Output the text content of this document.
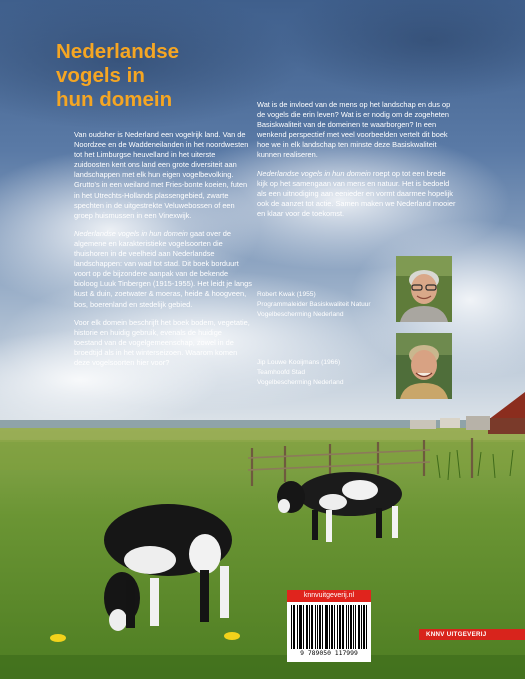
Nederlandse
vogels in
hun domein

Van oudsher is Nederland een vogelrijk land. Van de Noordzee en de Waddeneilanden in het noordwesten tot het Limburgse heuvelland in het uiterste zuidoosten kent ons land een grote diversiteit aan landschappen met elk hun eigen vogelbevolking. Grutto's in een weiland met Fries-bonte koeien, futen in het Utrechts-Hollands plassengebied, zwarte spechten in de uitgestrekte Veluwebossen of een groep huismussen in een Vinexwijk.

Nederlandse vogels in hun domein gaat over de algemene en karakteristieke vogelsoorten die thuishoren in de veelheid aan Nederlandse landschappen: van wad tot stad. Dit boek borduurt voort op de bijzondere aanpak van de bekende bioloog Luuk Tinbergen (1915-1955). Het leidt je langs kust & duin, zoetwater & moeras, heide & hoogveen, bos, boerenland en stedelijk gebied.

Voor elk domein beschrijft het boek bodem, vegetatie, historie en huidig gebruik, evenals de huidige toestand van de vogelgemeenschap, zowel in de broedtijd als in het winterseizoen. Waarom komen deze vogelsoorten hier voor?

Wat is de invloed van de mens op het landschap en dus op de vogels die erin leven? Wat is er nodig om de zogeheten Basiskwaliteit van de domeinen te waarborgen? In een wenkend perspectief met veel voorbeelden vertelt dit boek hoe we in elk landschap ten minste deze Basiskwaliteit kunnen realiseren.

Nederlandse vogels in hun domein roept op tot een brede kijk op het samengaan van mens en natuur. Het is bedoeld als een uitnodiging aan eenieder en vormt daarmee hopelijk ook de aanzet tot actie. Samen maken we Nederland mooier en klaar voor de toekomst.

Robert Kwak (1955)
Programmaleider Basiskwaliteit Natuur
Vogelbescherming Nederland
Jip Louwe Kooijmans (1966)
Teamhoofd Stad
Vogelbescherming Nederland
knnvuitgeverij.nl
9 789050 117999
KNNV UITGEVERIJ
